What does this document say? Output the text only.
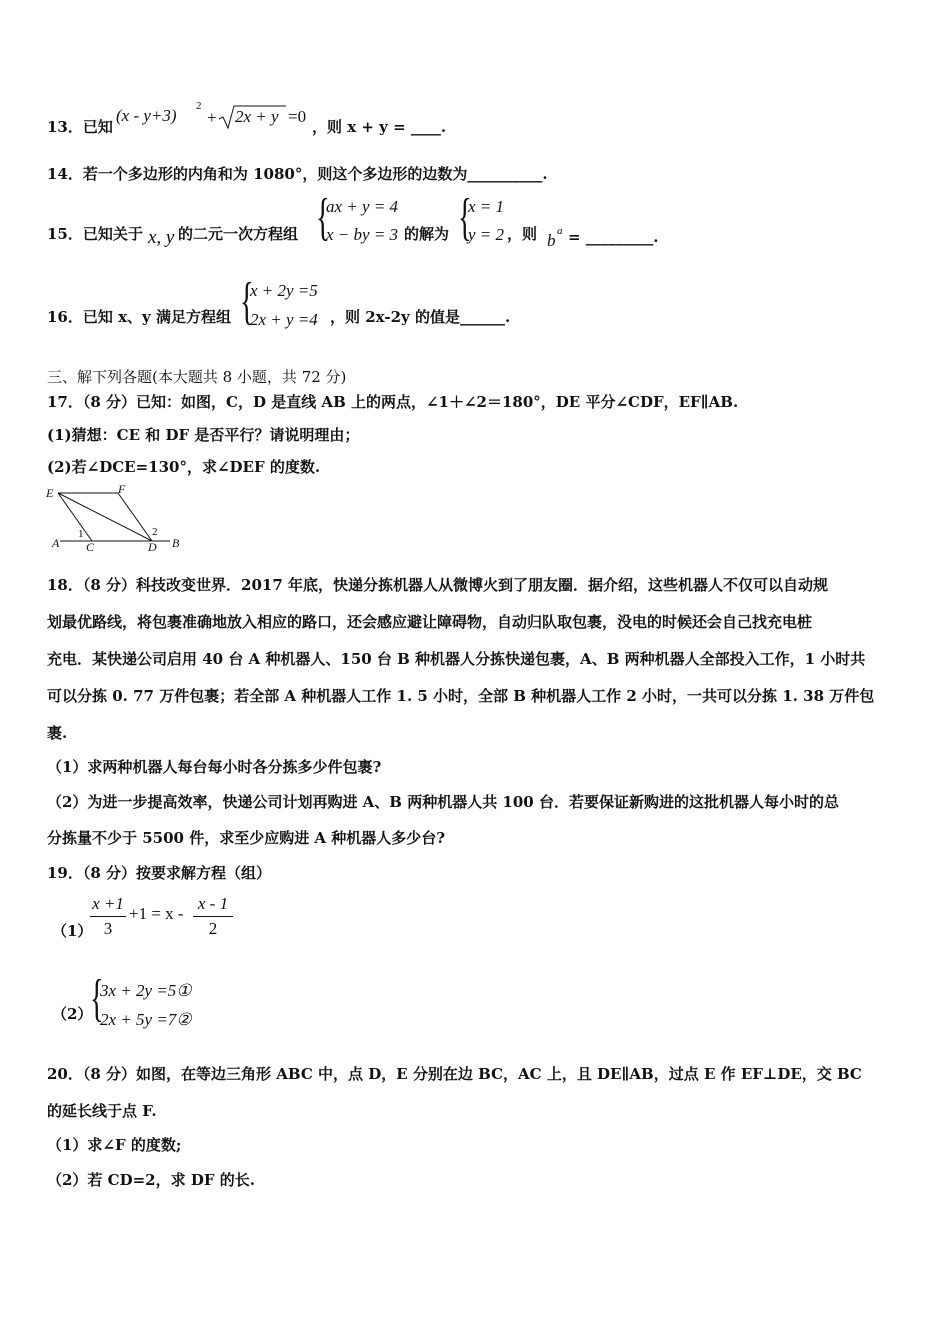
13．已知
(x - y+3) 2
+ 2x + y =0
，则 x + y = ____.
14．若一个多边形的内角和为 1080°，则这个多边形的边数为__________.
15．已知关于 x, y 的二元一次方程组 {
ax + y = 4
x − by = 3 的解为 {
x = 1
y = 2 ，则 b a = _________.
16．已知 x、y 满足方程组 {
x + 2y =5
2x + y =4 ，则 2x-2y 的值是______.
三、解下列各题(本大题共 8 小题，共 72 分)
17．（8 分）已知：如图，C，D 是直线 AB 上的两点，∠1＋∠2＝180°，DE 平分∠CDF，EF∥AB.
(1)猜想：CE 和 DF 是否平行？请说明理由；
(2)若∠DCE=130°，求∠DEF 的度数.
E	F
A C	D B
1	2
18．（8 分）科技改变世界．2017 年底，快递分拣机器人从微博火到了朋友圈．据介绍，这些机器人不仅可以自动规
划最优路线，将包裹准确地放入相应的路口，还会感应避让障碍物，自动归队取包裹，没电的时候还会自己找充电桩
充电．某快递公司启用 40 台 A 种机器人、150 台 B 种机器人分拣快递包裹，A、B 两种机器人全部投入工作，1 小时共
可以分拣 0. 77 万件包裹；若全部 A 种机器人工作 1. 5 小时，全部 B 种机器人工作 2 小时，一共可以分拣 1. 38 万件包
裹.
（1）求两种机器人每台每小时各分拣多少件包裹?
（2）为进一步提高效率，快递公司计划再购进 A、B 两种机器人共 100 台．若要保证新购进的这批机器人每小时的总
分拣量不少于 5500 件，求至少应购进 A 种机器人多少台?
19．（8 分）按要求解方程（组）
（1）
x +1
3
+1 = x -
x - 1
2
（2）
{
3x + 2y =5①
2x + 5y =7②
20．（8 分）如图，在等边三角形 ABC 中，点 D，E 分别在边 BC，AC 上，且 DE∥AB，过点 E 作 EF⊥DE，交 BC
的延长线于点 F.
（1）求∠F 的度数;
（2）若 CD=2，求 DF 的长.
